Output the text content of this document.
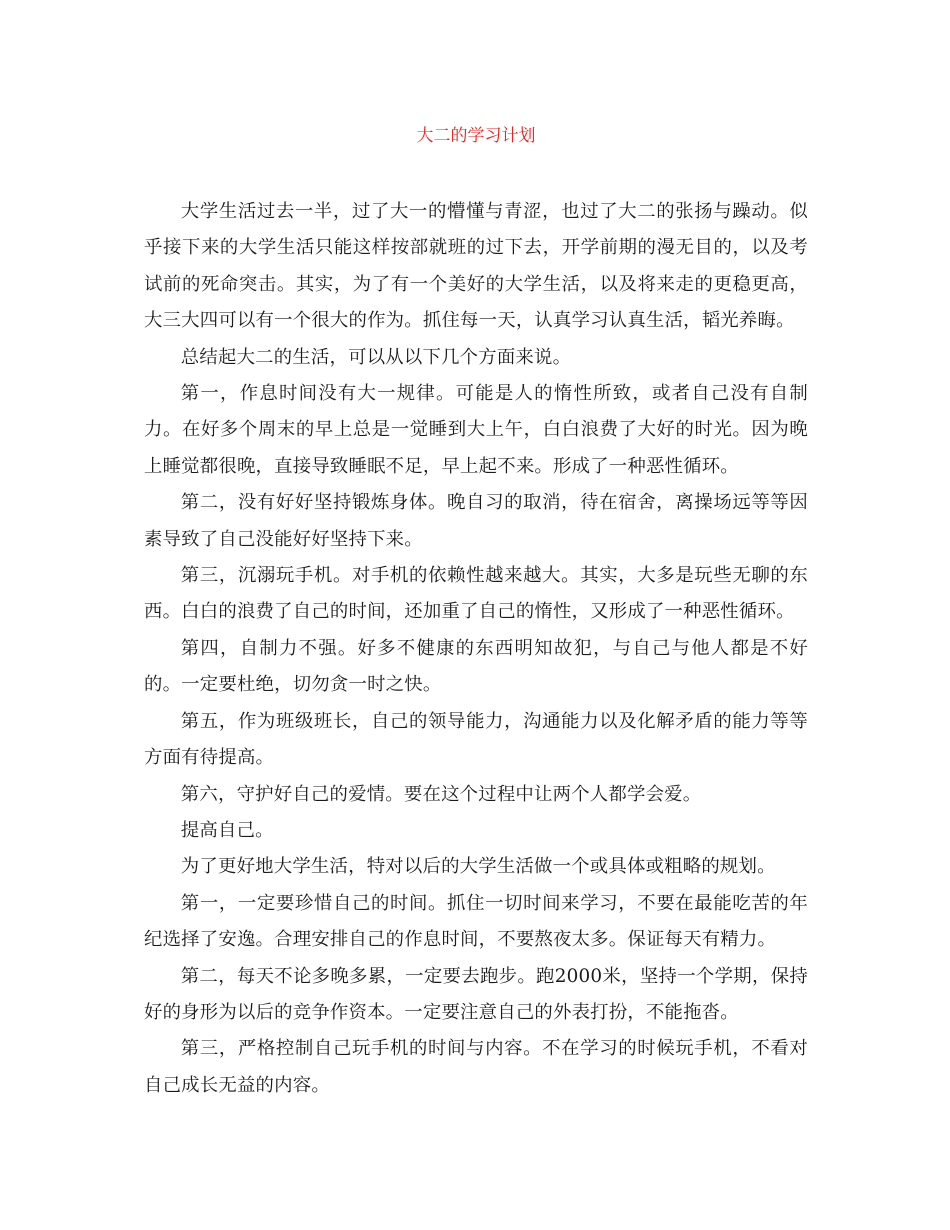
大二的学习计划

大学生活过去一半，过了大一的懵懂与青涩，也过了大二的张扬与躁动。似乎接下来的大学生活只能这样按部就班的过下去，开学前期的漫无目的，以及考试前的死命突击。其实，为了有一个美好的大学生活，以及将来走的更稳更高，大三大四可以有一个很大的作为。抓住每一天，认真学习认真生活，韬光养晦。

总结起大二的生活，可以从以下几个方面来说。

第一，作息时间没有大一规律。可能是人的惰性所致，或者自己没有自制力。在好多个周末的早上总是一觉睡到大上午，白白浪费了大好的时光。因为晚上睡觉都很晚，直接导致睡眠不足，早上起不来。形成了一种恶性循环。

第二，没有好好坚持锻炼身体。晚自习的取消，待在宿舍，离操场远等等因素导致了自己没能好好坚持下来。

第三，沉溺玩手机。对手机的依赖性越来越大。其实，大多是玩些无聊的东西。白白的浪费了自己的时间，还加重了自己的惰性，又形成了一种恶性循环。

第四，自制力不强。好多不健康的东西明知故犯，与自己与他人都是不好的。一定要杜绝，切勿贪一时之快。

第五，作为班级班长，自己的领导能力，沟通能力以及化解矛盾的能力等等方面有待提高。

第六，守护好自己的爱情。要在这个过程中让两个人都学会爱。

提高自己。

为了更好地大学生活，特对以后的大学生活做一个或具体或粗略的规划。

第一，一定要珍惜自己的时间。抓住一切时间来学习，不要在最能吃苦的年纪选择了安逸。合理安排自己的作息时间，不要熬夜太多。保证每天有精力。

第二，每天不论多晚多累，一定要去跑步。跑2000米，坚持一个学期，保持好的身形为以后的竞争作资本。一定要注意自己的外表打扮，不能拖沓。

第三，严格控制自己玩手机的时间与内容。不在学习的时候玩手机，不看对自己成长无益的内容。
